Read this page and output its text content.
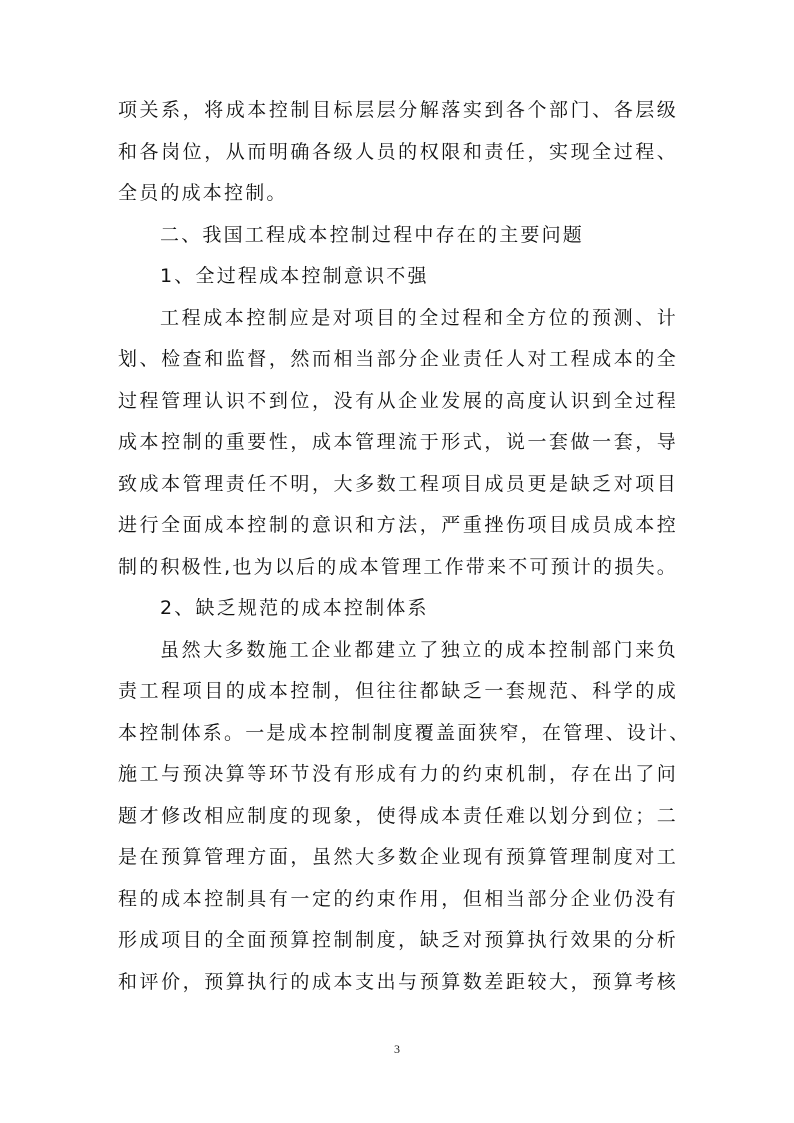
项关系，将成本控制目标层层分解落实到各个部门、各层级
和各岗位，从而明确各级人员的权限和责任，实现全过程、
全员的成本控制。
二、我国工程成本控制过程中存在的主要问题
1、全过程成本控制意识不强
工程成本控制应是对项目的全过程和全方位的预测、计
划、检查和监督，然而相当部分企业责任人对工程成本的全
过程管理认识不到位，没有从企业发展的高度认识到全过程
成本控制的重要性，成本管理流于形式，说一套做一套，导
致成本管理责任不明，大多数工程项目成员更是缺乏对项目
进行全面成本控制的意识和方法，严重挫伤项目成员成本控
制的积极性,也为以后的成本管理工作带来不可预计的损失。
2、缺乏规范的成本控制体系
虽然大多数施工企业都建立了独立的成本控制部门来负
责工程项目的成本控制，但往往都缺乏一套规范、科学的成
本控制体系。一是成本控制制度覆盖面狭窄，在管理、设计、
施工与预决算等环节没有形成有力的约束机制，存在出了问
题才修改相应制度的现象，使得成本责任难以划分到位；二
是在预算管理方面，虽然大多数企业现有预算管理制度对工
程的成本控制具有一定的约束作用，但相当部分企业仍没有
3
形成项目的全面预算控制制度，缺乏对预算执行效果的分析
和评价，预算执行的成本支出与预算数差距较大，预算考核
